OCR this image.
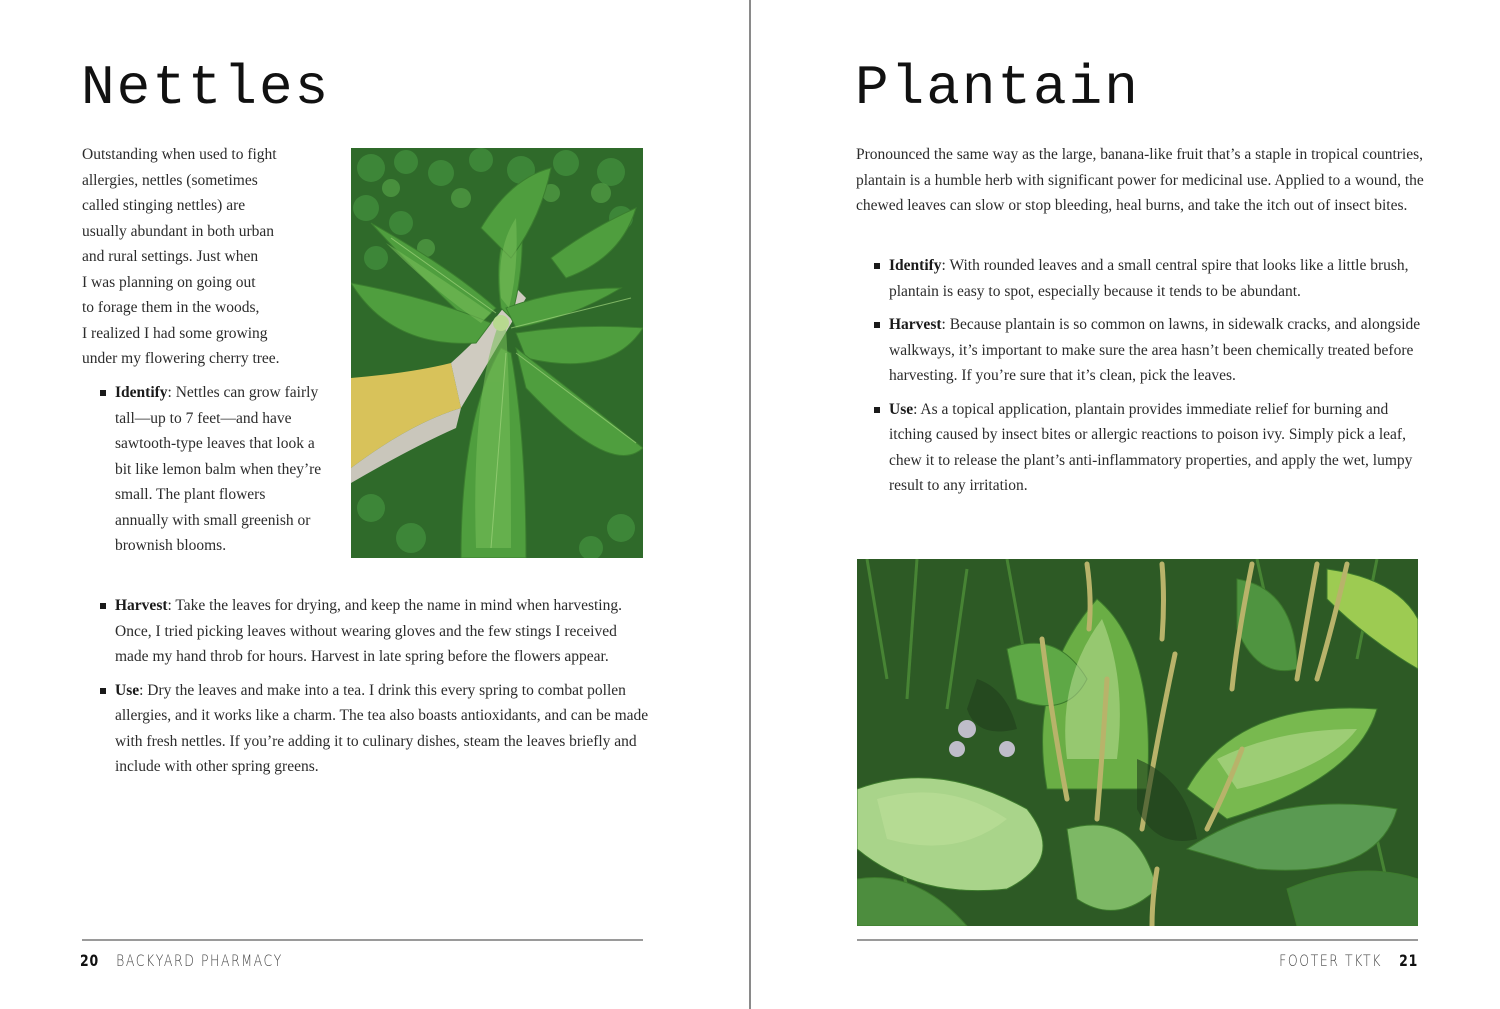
Nettles

Outstanding when used to fight
allergies, nettles (sometimes
called stinging nettles) are
usually abundant in both urban
and rural settings. Just when
I was planning on going out
to forage them in the woods,
I realized I had some growing
under my flowering cherry tree.

Identify: Nettles can grow fairly tall—up to 7 feet—and have sawtooth-type leaves that look a bit like lemon balm when they’re small. The plant flowers annually with small greenish or brownish blooms.
Harvest: Take the leaves for drying, and keep the name in mind when harvesting. Once, I tried picking leaves without wearing gloves and the few stings I received made my hand throb for hours. Harvest in late spring before the flowers appear.
Use: Dry the leaves and make into a tea. I drink this every spring to combat pollen allergies, and it works like a charm. The tea also boasts antioxidants, and can be made with fresh nettles. If you’re adding it to culinary dishes, steam the leaves briefly and include with other spring greens.
20 BACKYARD PHARMACY
Plantain

Pronounced the same way as the large, banana-like fruit that’s a staple in tropical countries, plantain is a humble herb with significant power for medicinal use. Applied to a wound, the chewed leaves can slow or stop bleeding, heal burns, and take the itch out of insect bites.

Identify: With rounded leaves and a small central spire that looks like a little brush, plantain is easy to spot, especially because it tends to be abundant.
Harvest: Because plantain is so common on lawns, in sidewalk cracks, and alongside walkways, it’s important to make sure the area hasn’t been chemically treated before harvesting. If you’re sure that it’s clean, pick the leaves.
Use: As a topical application, plantain provides immediate relief for burning and itching caused by insect bites or allergic reactions to poison ivy. Simply pick a leaf, chew it to release the plant’s anti-inflammatory properties, and apply the wet, lumpy result to any irritation.
FOOTER TKTK 21
